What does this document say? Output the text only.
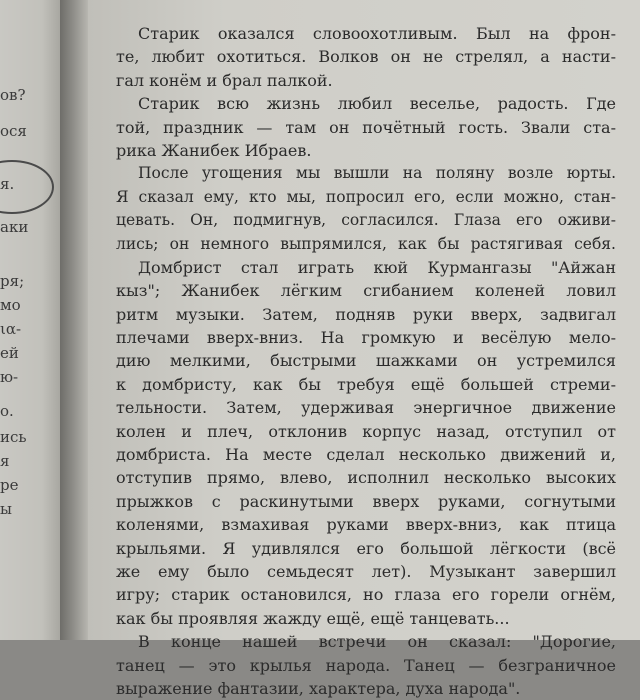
ов?
ося
я.
аки
ря;
мо
ια-
ей
ю-
о.
ись
я
ре
ы
Старик оказался словоохотливым. Был на фрон-
те, любит охотиться. Волков он не стрелял, а насти-
гал конём и брал палкой.
Старик всю жизнь любил веселье, радость. Где
той, праздник — там он почётный гость. Звали ста-
рика Жанибек Ибраев.
После угощения мы вышли на поляну возле юрты.
Я сказал ему, кто мы, попросил его, если можно, стан-
цевать. Он, подмигнув, согласился. Глаза его оживи-
лись; он немного выпрямился, как бы растягивая себя.
Домбрист стал играть кюй Курмангазы "Айжан
кыз"; Жанибек лёгким сгибанием коленей ловил
ритм музыки. Затем, подняв руки вверх, задвигал
плечами вверх-вниз. На громкую и весёлую мело-
дию мелкими, быстрыми шажками он устремился
к домбристу, как бы требуя ещё большей стреми-
тельности. Затем, удерживая энергичное движение
колен и плеч, отклонив корпус назад, отступил от
домбриста. На месте сделал несколько движений и,
отступив прямо, влево, исполнил несколько высоких
прыжков с раскинутыми вверх руками, согнутыми
коленями, взмахивая руками вверх-вниз, как птица
крыльями. Я удивлялся его большой лёгкости (всё
же ему было семьдесят лет). Музыкант завершил
игру; старик остановился, но глаза его горели огнём,
как бы проявляя жажду ещё, ещё танцевать...
В конце нашей встречи он сказал: "Дорогие,
танец — это крылья народа. Танец — безграничное
выражение фантазии, характера, духа народа".
